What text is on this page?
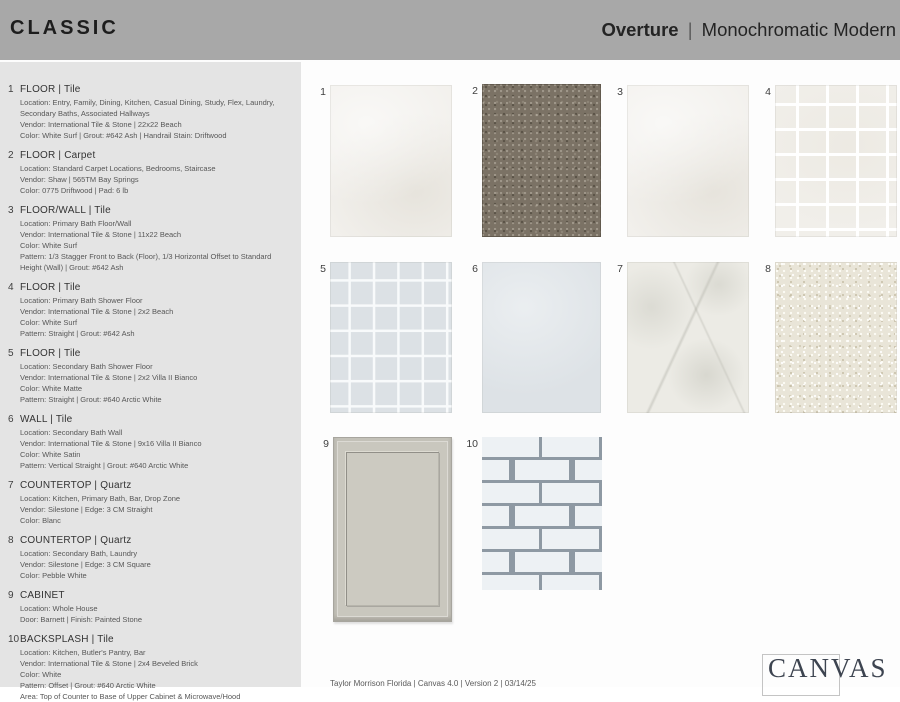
CLASSIC	Overture | Monochromatic Modern
1 FLOOR | Tile
Location: Entry, Family, Dining, Kitchen, Casual Dining, Study, Flex, Laundry, Secondary Baths, Associated Hallways
Vendor: International Tile & Stone | 22x22 Beach
Color: White Surf | Grout: #642 Ash | Handrail Stain: Driftwood
2 FLOOR | Carpet
Location: Standard Carpet Locations, Bedrooms, Staircase
Vendor: Shaw | 565TM Bay Springs
Color: 0775 Driftwood | Pad: 6 lb
3 FLOOR/WALL | Tile
Location: Primary Bath Floor/Wall
Vendor: International Tile & Stone | 11x22 Beach
Color: White Surf
Pattern: 1/3 Stagger Front to Back (Floor), 1/3 Horizontal Offset to Standard Height (Wall) | Grout: #642 Ash
4 FLOOR | Tile
Location: Primary Bath Shower Floor
Vendor: International Tile & Stone | 2x2 Beach
Color: White Surf
Pattern: Straight | Grout: #642 Ash
5 FLOOR | Tile
Location: Secondary Bath Shower Floor
Vendor: International Tile & Stone | 2x2 Villa II Bianco
Color: White Matte
Pattern: Straight | Grout: #640 Arctic White
6 WALL | Tile
Location: Secondary Bath Wall
Vendor: International Tile & Stone | 9x16 Villa II Bianco
Color: White Satin
Pattern: Vertical Straight | Grout: #640 Arctic White
7 COUNTERTOP | Quartz
Location: Kitchen, Primary Bath, Bar, Drop Zone
Vendor: Silestone | Edge: 3 CM Straight
Color: Blanc
8 COUNTERTOP | Quartz
Location: Secondary Bath, Laundry
Vendor: Silestone | Edge: 3 CM Square
Color: Pebble White
9 CABINET
Location: Whole House
Door: Barnett | Finish: Painted Stone
10 BACKSPLASH | Tile
Location: Kitchen, Butler's Pantry, Bar
Vendor: International Tile & Stone | 2x4 Beveled Brick
Color: White
Pattern: Offset | Grout: #640 Arctic White
Area: Top of Counter to Base of Upper Cabinet & Microwave/Hood
1	2	3	4
5	6	7	8
9	10
Taylor Morrison Florida | Canvas 4.0 | Version 2 | 03/14/25
CANVAS
